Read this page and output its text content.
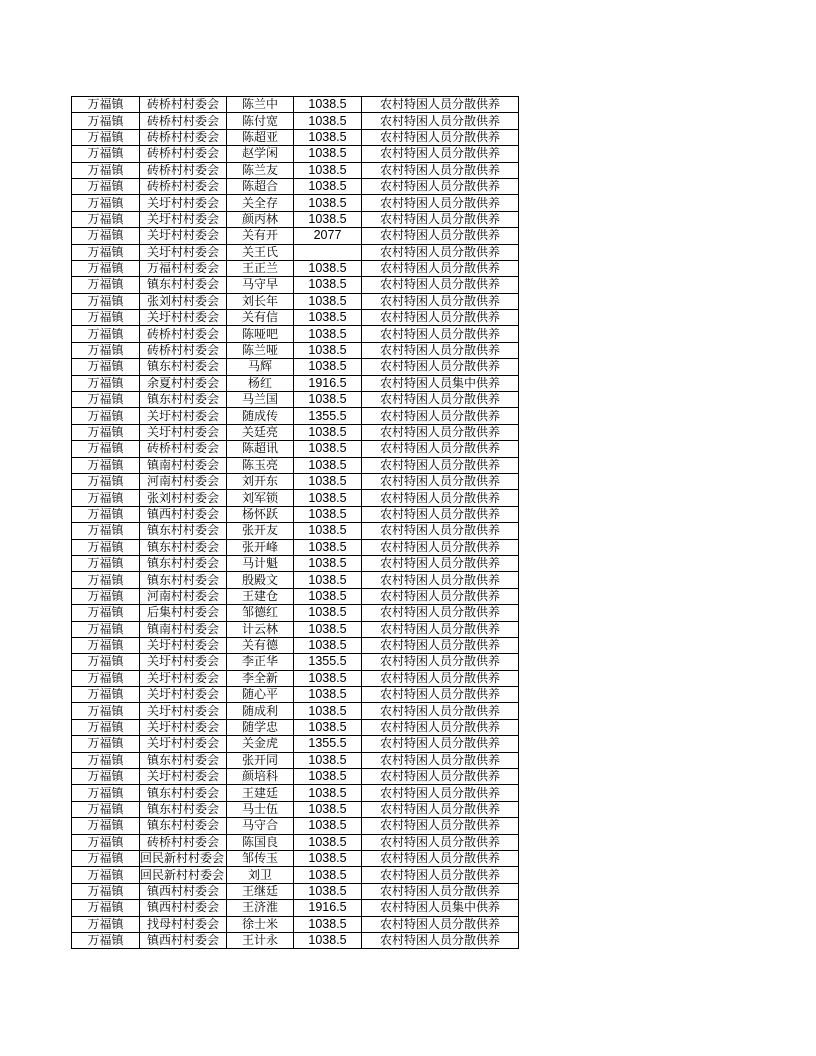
万福镇	砖桥村村委会	陈兰中	1038.5	农村特困人员分散供养
万福镇	砖桥村村委会	陈付宽	1038.5	农村特困人员分散供养
万福镇	砖桥村村委会	陈超亚	1038.5	农村特困人员分散供养
万福镇	砖桥村村委会	赵学闲	1038.5	农村特困人员分散供养
万福镇	砖桥村村委会	陈兰友	1038.5	农村特困人员分散供养
万福镇	砖桥村村委会	陈超合	1038.5	农村特困人员分散供养
万福镇	关圩村村委会	关全存	1038.5	农村特困人员分散供养
万福镇	关圩村村委会	颜丙林	1038.5	农村特困人员分散供养
万福镇	关圩村村委会	关有开	2077	农村特困人员分散供养
万福镇	关圩村村委会	关王氏		农村特困人员分散供养
万福镇	万福村村委会	王正兰	1038.5	农村特困人员分散供养
万福镇	镇东村村委会	马守早	1038.5	农村特困人员分散供养
万福镇	张刘村村委会	刘长年	1038.5	农村特困人员分散供养
万福镇	关圩村村委会	关有信	1038.5	农村特困人员分散供养
万福镇	砖桥村村委会	陈哑吧	1038.5	农村特困人员分散供养
万福镇	砖桥村村委会	陈兰哑	1038.5	农村特困人员分散供养
万福镇	镇东村村委会	马辉	1038.5	农村特困人员分散供养
万福镇	余夏村村委会	杨红	1916.5	农村特困人员集中供养
万福镇	镇东村村委会	马兰国	1038.5	农村特困人员分散供养
万福镇	关圩村村委会	随成传	1355.5	农村特困人员分散供养
万福镇	关圩村村委会	关廷亮	1038.5	农村特困人员分散供养
万福镇	砖桥村村委会	陈超讯	1038.5	农村特困人员分散供养
万福镇	镇南村村委会	陈玉亮	1038.5	农村特困人员分散供养
万福镇	河南村村委会	刘开东	1038.5	农村特困人员分散供养
万福镇	张刘村村委会	刘军锁	1038.5	农村特困人员分散供养
万福镇	镇西村村委会	杨怀跃	1038.5	农村特困人员分散供养
万福镇	镇东村村委会	张开友	1038.5	农村特困人员分散供养
万福镇	镇东村村委会	张开峰	1038.5	农村特困人员分散供养
万福镇	镇东村村委会	马计魁	1038.5	农村特困人员分散供养
万福镇	镇东村村委会	殷殿文	1038.5	农村特困人员分散供养
万福镇	河南村村委会	王建仓	1038.5	农村特困人员分散供养
万福镇	后集村村委会	邹德红	1038.5	农村特困人员分散供养
万福镇	镇南村村委会	计云林	1038.5	农村特困人员分散供养
万福镇	关圩村村委会	关有德	1038.5	农村特困人员分散供养
万福镇	关圩村村委会	李正华	1355.5	农村特困人员分散供养
万福镇	关圩村村委会	李全新	1038.5	农村特困人员分散供养
万福镇	关圩村村委会	随心平	1038.5	农村特困人员分散供养
万福镇	关圩村村委会	随成利	1038.5	农村特困人员分散供养
万福镇	关圩村村委会	随学忠	1038.5	农村特困人员分散供养
万福镇	关圩村村委会	关金虎	1355.5	农村特困人员分散供养
万福镇	镇东村村委会	张开同	1038.5	农村特困人员分散供养
万福镇	关圩村村委会	颜培科	1038.5	农村特困人员分散供养
万福镇	镇东村村委会	王建廷	1038.5	农村特困人员分散供养
万福镇	镇东村村委会	马士伍	1038.5	农村特困人员分散供养
万福镇	镇东村村委会	马守合	1038.5	农村特困人员分散供养
万福镇	砖桥村村委会	陈国良	1038.5	农村特困人员分散供养
万福镇	回民新村村委会	邹传玉	1038.5	农村特困人员分散供养
万福镇	回民新村村委会	刘卫	1038.5	农村特困人员分散供养
万福镇	镇西村村委会	王继廷	1038.5	农村特困人员分散供养
万福镇	镇西村村委会	王济淮	1916.5	农村特困人员集中供养
万福镇	找母村村委会	徐士米	1038.5	农村特困人员分散供养
万福镇	镇西村村委会	王计永	1038.5	农村特困人员分散供养
